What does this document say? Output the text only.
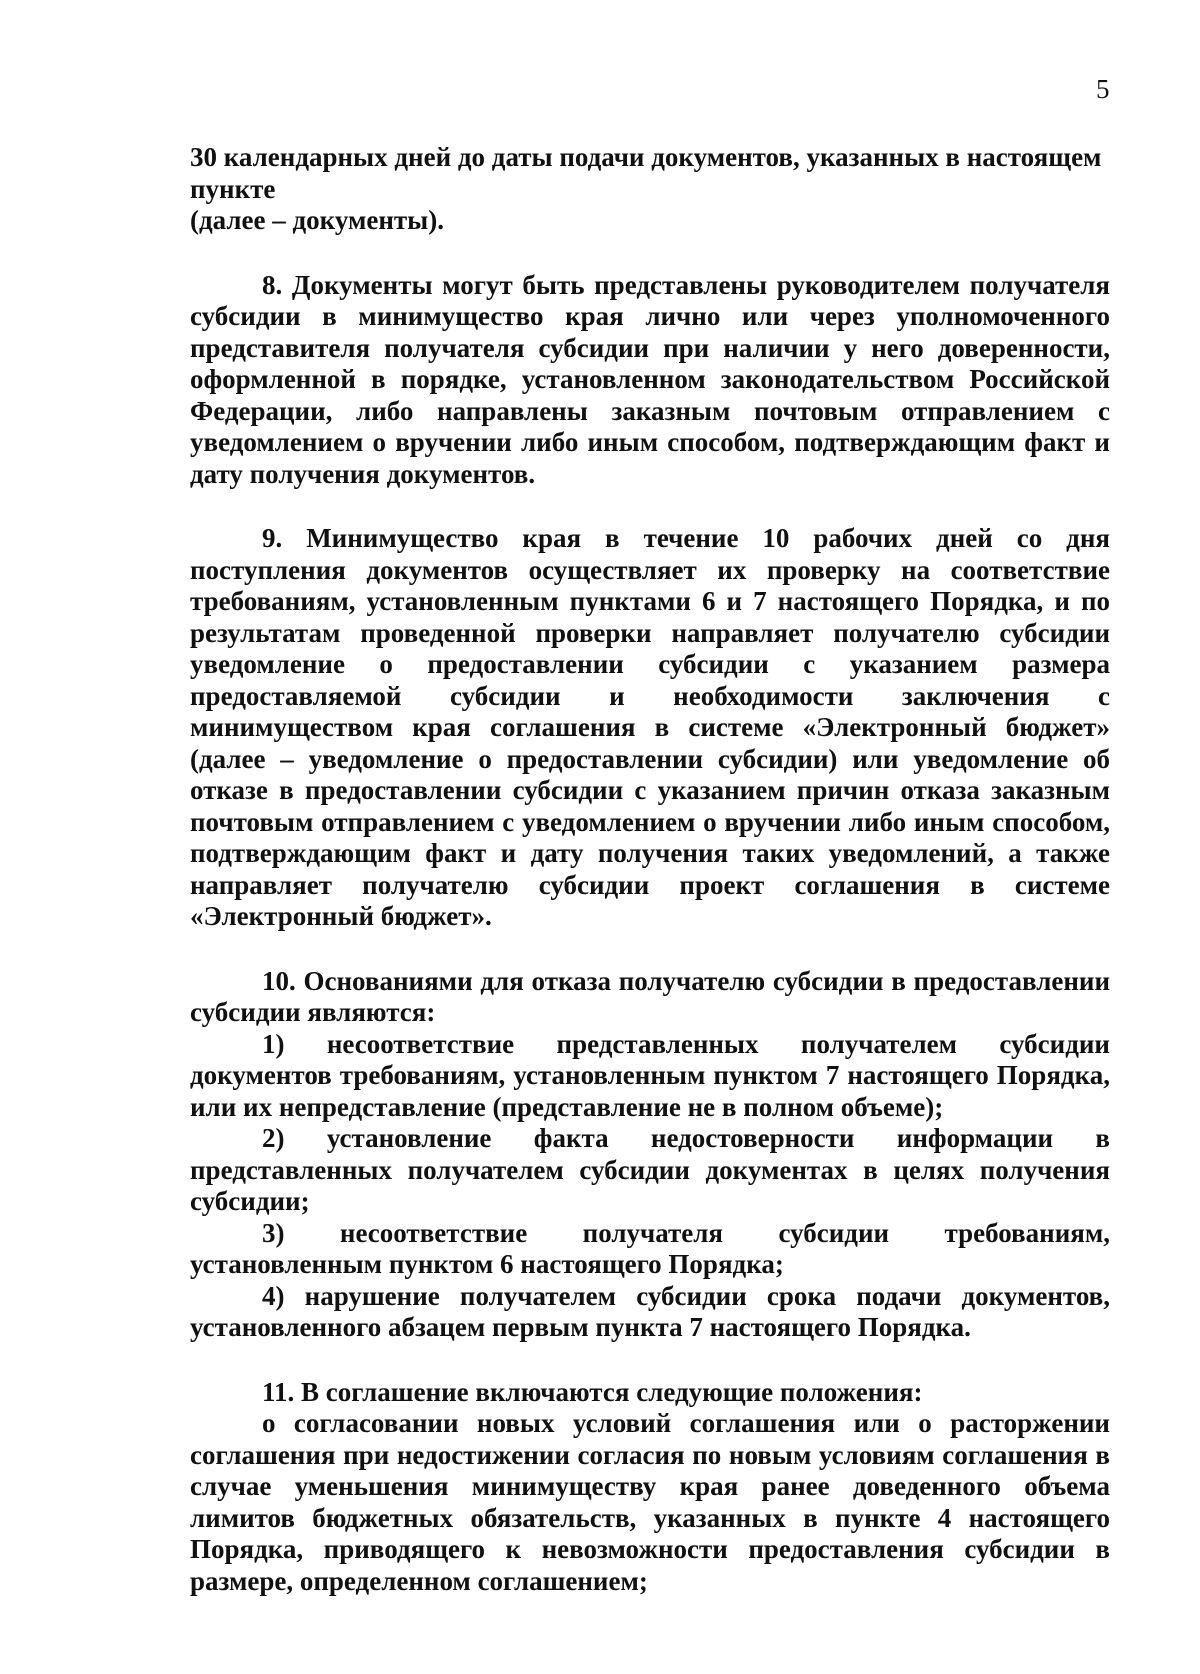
5

30 календарных дней до даты подачи документов, указанных в настоящем пункте

(далее – документы).

8. Документы могут быть представлены руководителем получателя субсидии в минимущество края лично или через уполномоченного представителя получателя субсидии при наличии у него доверенности, оформленной в порядке, установленном законодательством Российской Федерации, либо направлены заказным почтовым отправлением с уведомлением о вручении либо иным способом, подтверждающим факт и дату получения документов.

9. Минимущество края в течение 10 рабочих дней со дня поступления документов осуществляет их проверку на соответствие требованиям, установленным пунктами 6 и 7 настоящего Порядка, и по результатам проведенной проверки направляет получателю субсидии уведомление о предоставлении субсидии с указанием размера предоставляемой субсидии и необходимости заключения с минимуществом края соглашения в системе «Электронный бюджет» (далее – уведомление о предоставлении субсидии) или уведомление об отказе в предоставлении субсидии с указанием причин отказа заказным почтовым отправлением с уведомлением о вручении либо иным способом, подтверждающим факт и дату получения таких уведомлений, а также направляет получателю субсидии проект соглашения в системе «Электронный бюджет».

10. Основаниями для отказа получателю субсидии в предоставлении субсидии являются:

1) несоответствие представленных получателем субсидии документов требованиям, установленным пунктом 7 настоящего Порядка, или их непредставление (представление не в полном объеме);

2) установление факта недостоверности информации в представленных получателем субсидии документах в целях получения субсидии;

3) несоответствие получателя субсидии требованиям, установленным пунктом 6 настоящего Порядка;

4) нарушение получателем субсидии срока подачи документов, установленного абзацем первым пункта 7 настоящего Порядка.

11. В соглашение включаются следующие положения:

о согласовании новых условий соглашения или о расторжении соглашения при недостижении согласия по новым условиям соглашения в случае уменьшения минимуществу края ранее доведенного объема лимитов бюджетных обязательств, указанных в пункте 4 настоящего Порядка, приводящего к невозможности предоставления субсидии в размере, определенном соглашением;
